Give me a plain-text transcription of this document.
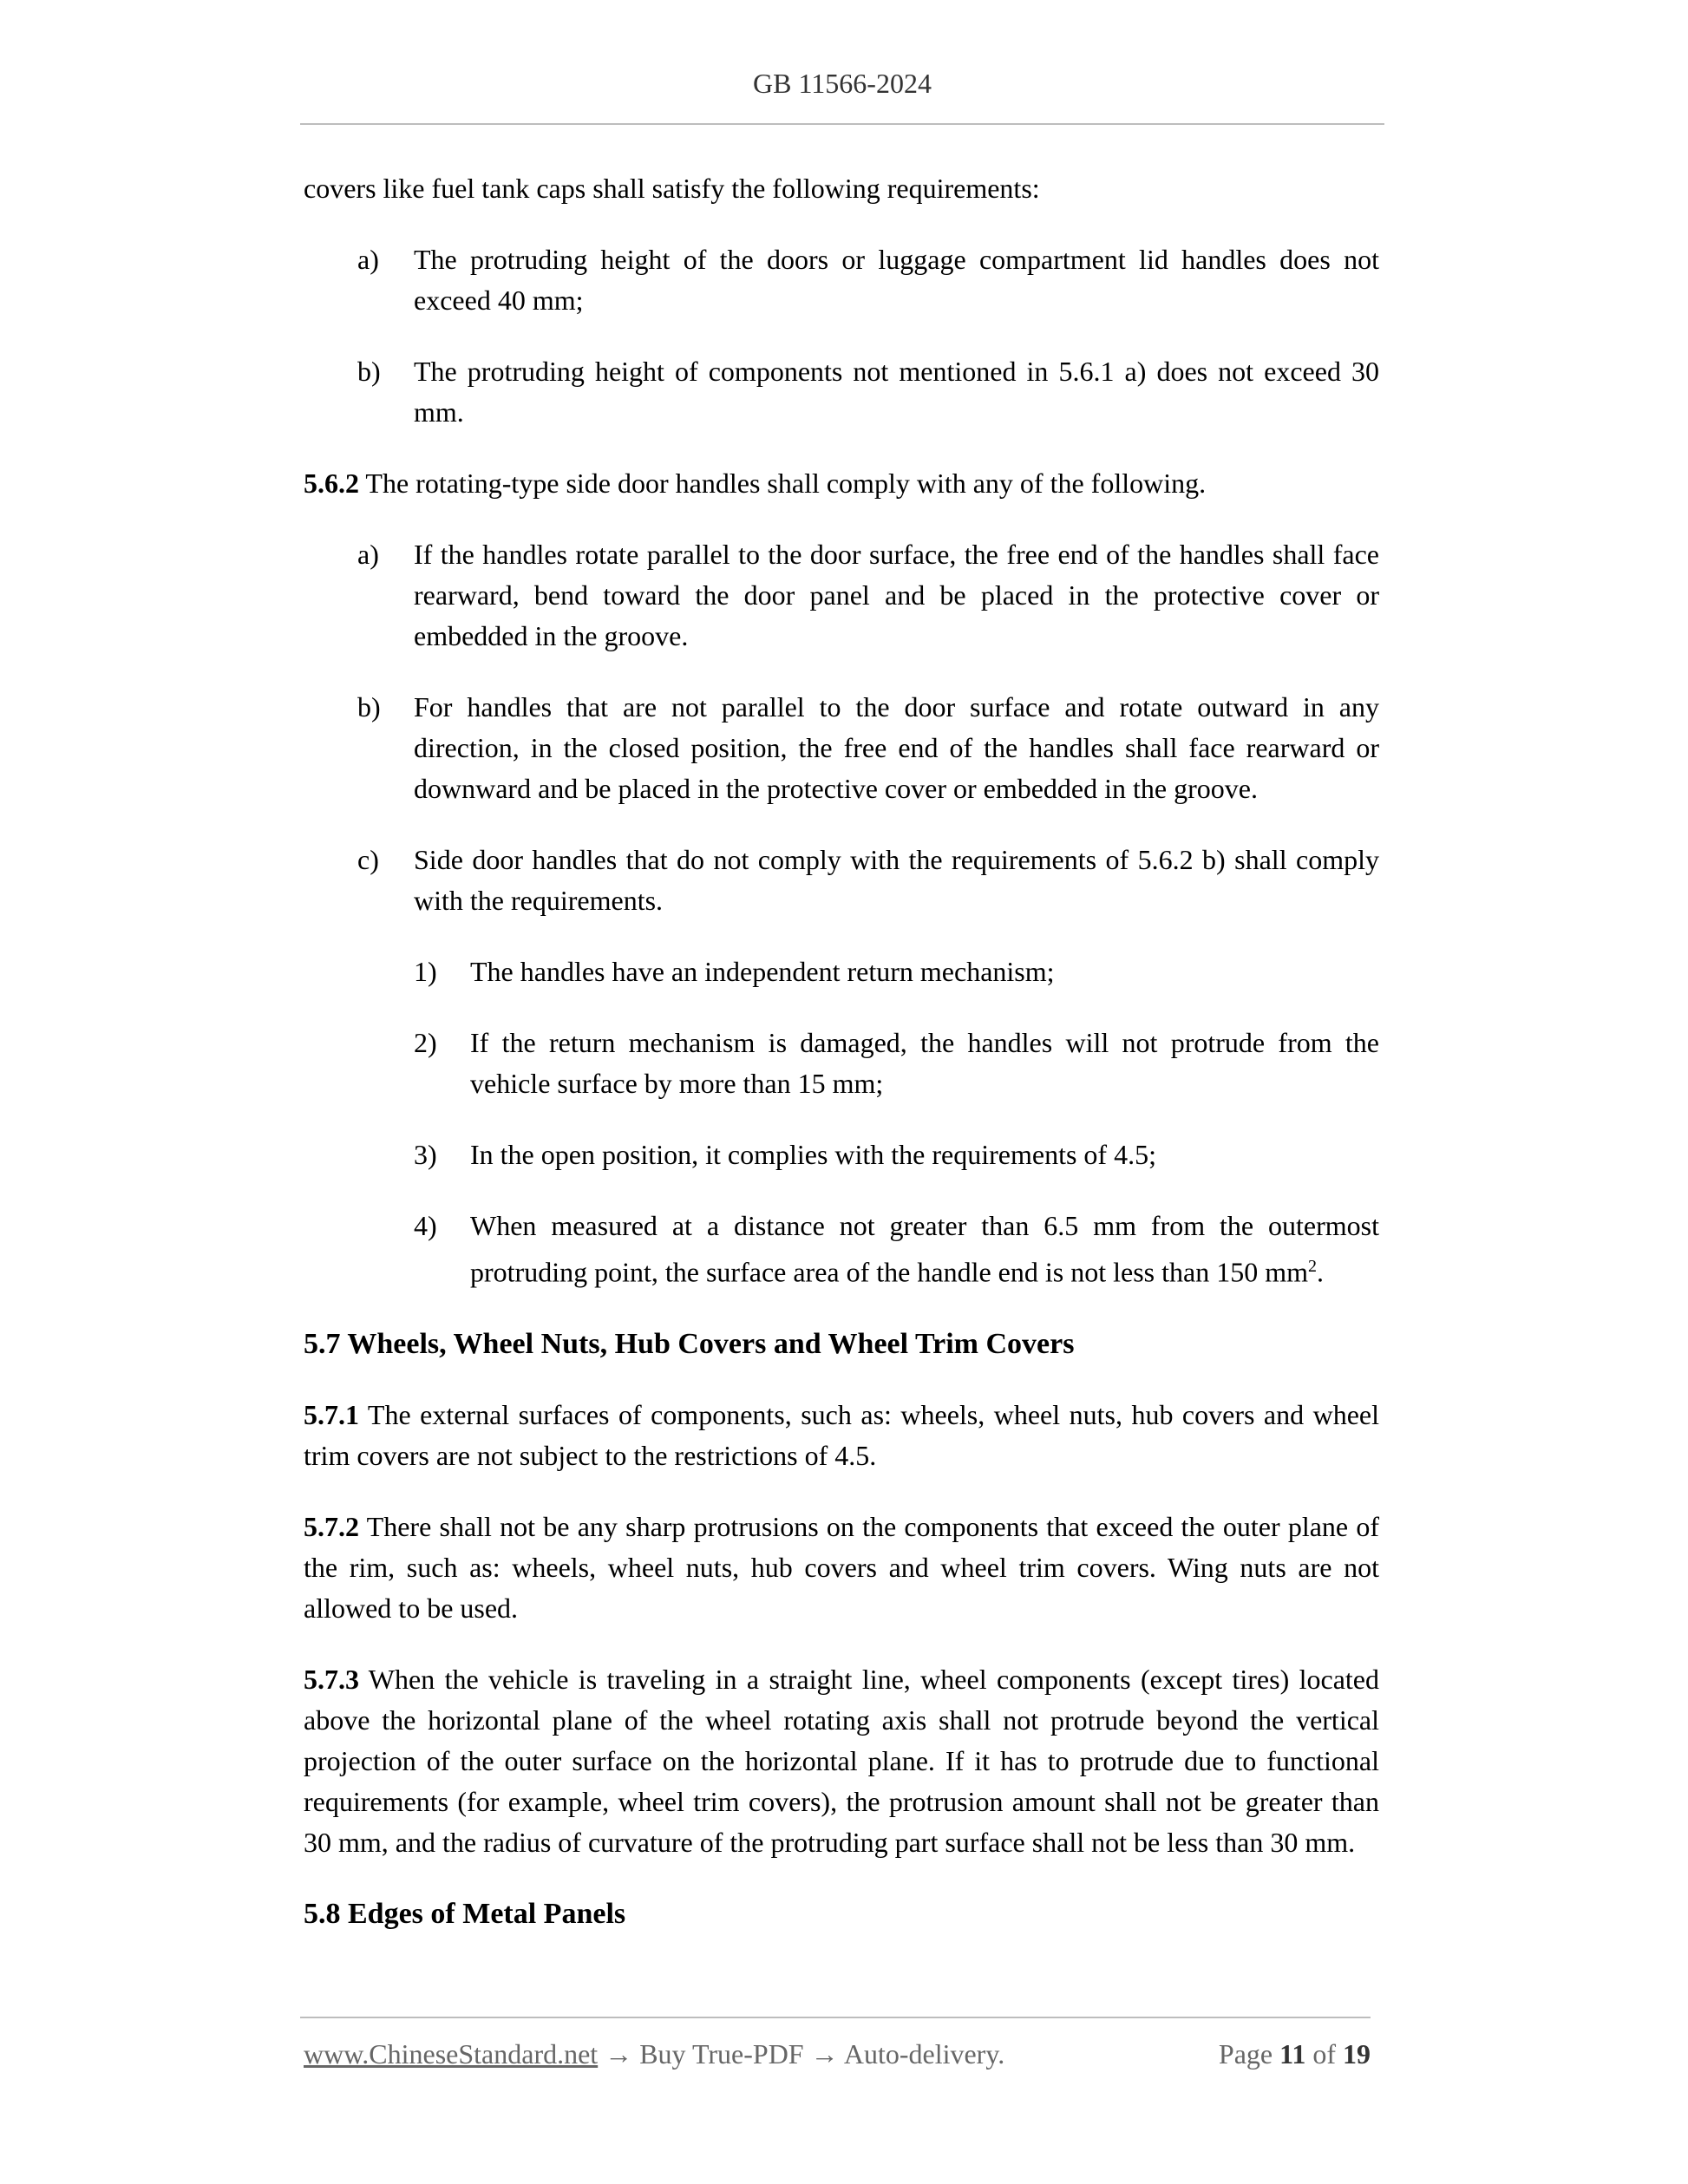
GB 11566-2024

covers like fuel tank caps shall satisfy the following requirements:

a)	The protruding height of the doors or luggage compartment lid handles does not exceed 40 mm;
b)	The protruding height of components not mentioned in 5.6.1 a) does not exceed 30 mm.

5.6.2 The rotating-type side door handles shall comply with any of the following.

a)	If the handles rotate parallel to the door surface, the free end of the handles shall face rearward, bend toward the door panel and be placed in the protective cover or embedded in the groove.
b)	For handles that are not parallel to the door surface and rotate outward in any direction, in the closed position, the free end of the handles shall face rearward or downward and be placed in the protective cover or embedded in the groove.
c)	Side door handles that do not comply with the requirements of 5.6.2 b) shall comply with the requirements.
1)	The handles have an independent return mechanism;
2)	If the return mechanism is damaged, the handles will not protrude from the vehicle surface by more than 15 mm;
3)	In the open position, it complies with the requirements of 4.5;
4)	When measured at a distance not greater than 6.5 mm from the outermost protruding point, the surface area of the handle end is not less than 150 $mm^2$.
5.7 Wheels, Wheel Nuts, Hub Covers and Wheel Trim Covers

5.7.1 The external surfaces of components, such as: wheels, wheel nuts, hub covers and wheel trim covers are not subject to the restrictions of 4.5.

5.7.2 There shall not be any sharp protrusions on the components that exceed the outer plane of the rim, such as: wheels, wheel nuts, hub covers and wheel trim covers. Wing nuts are not allowed to be used.

5.7.3 When the vehicle is traveling in a straight line, wheel components (except tires) located above the horizontal plane of the wheel rotating axis shall not protrude beyond the vertical projection of the outer surface on the horizontal plane. If it has to protrude due to functional requirements (for example, wheel trim covers), the protrusion amount shall not be greater than 30 mm, and the radius of curvature of the protruding part surface shall not be less than 30 mm.

5.8 Edges of Metal Panels
www.ChineseStandard.net → Buy True-PDF → Auto-delivery.	Page 11 of 19
